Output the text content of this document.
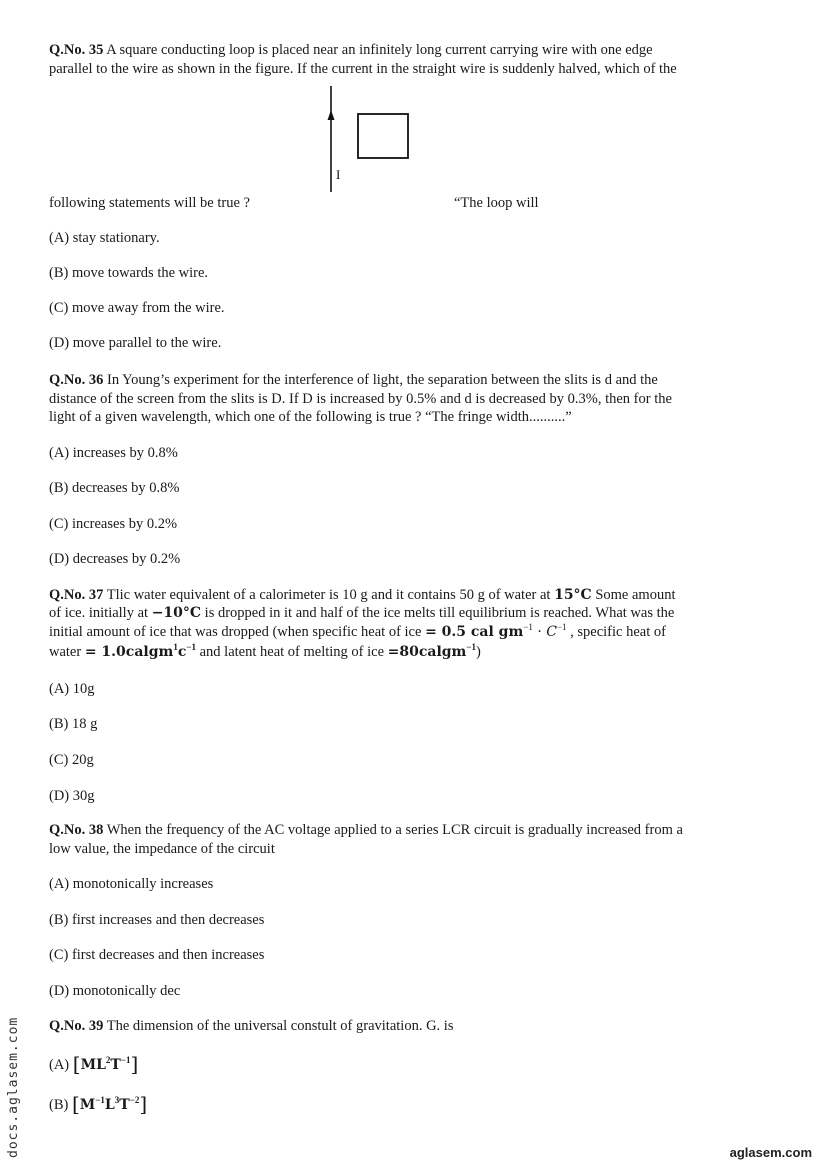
Q.No. 35 A square conducting loop is placed near an infinitely long current carrying wire with one edge
parallel to the wire as shown in the figure. If the current in the straight wire is suddenly halved, which of the
I
following statements will be true ?	“The loop will
(A) stay stationary.
(B) move towards the wire.
(C) move away from the wire.
(D) move parallel to the wire.
Q.No. 36 In Young’s experiment for the interference of light, the separation between the slits is d and the
distance of the screen from the slits is D. If D is increased by 0.5% and d is decreased by 0.3%, then for the
light of a given wavelength, which one of the following is true ? “The fringe width..........”
(A) increases by 0.8%
(B) decreases by 0.8%
(C) increases by 0.2%
(D) decreases by 0.2%
Q.No. 37 Tlic water equivalent of a calorimeter is 10 g and it contains 50 g of water at 15°C Some amount
of ice. initially at −10°C is dropped in it and half of the ice melts till equilibrium is reached. What was the
initial amount of ice that was dropped (when specific heat of ice = 0.5 cal $gm^{-1} \cdot C^{-1}$ , specific heat of
water = $1.0calgm^1c^{-1}$ and latent heat of melting of ice =80calgm$^{-1}$)
(A) 10g
(B) 18 g
(C) 20g
(D) 30g
Q.No. 38 When the frequency of the AC voltage applied to a series LCR circuit is gradually increased from a
low value, the impedance of the circuit
(A) monotonically increases
(B) first increases and then decreases
(C) first decreases and then increases
(D) monotonically dec
Q.No. 39 The dimension of the universal constult of gravitation. G. is
(A) $[ML^2T^{-1}]$
(B) $[M^{-1}L^3T^{-2}]$
docs.aglasem.com	aglasem.com
